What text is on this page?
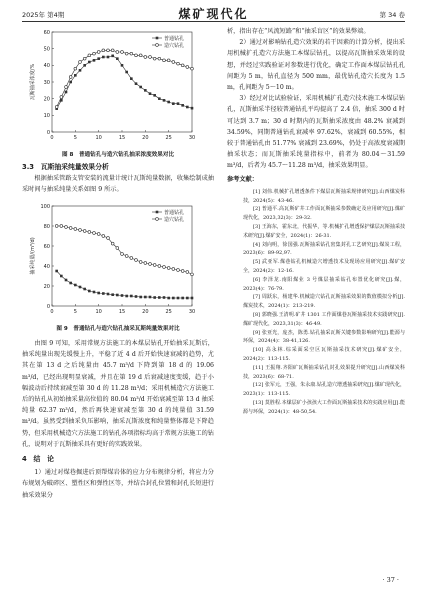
2025年 第4期	煤矿现代化	第 34 卷
0	5	10	15	20	25	30
0
10
20
30
40
50
60
瓦斯抽采浓度/%
普通钻孔
造穴钻孔
图 8　普通钻孔与造穴钻孔抽采浓度效果对比
3.3　瓦斯抽采纯量效果分析

根据抽采管路支管安装的流量计统计瓦斯纯量数据，收集绘制成抽采时间与抽采纯量关系如图 9 所示。

0	5	10	15	20	25	30
0
20
40
60
80
100
抽采纯量/(m³/d)
普通钻孔
造穴钻孔
图 9　普通钻孔与造穴钻孔抽采瓦斯纯量效果对比

由图 9 可知，采用常规方法施工的本煤层钻孔开始抽采瓦斯后，抽采纯量出现先缓慢上升，平稳了近 4 d 后开始快速衰减的趋势，尤其在第 13 d 之后纯量由 45.7 m³/d 下降到第 18 d 的 19.06 m³/d，已经出现明显衰减，并且在第 19 d 后衰减速度变缓，趋于小幅波动后持续衰减至第 30 d 的 11.28 m³/d；采用机械造穴方法施工后的钻孔从初始抽采量高位值的 80.04 m³/d 开始衰减至第 13 d 抽采纯量 62.37 m³/d，然后再快速衰减至第 30 d 的纯量值 31.59 m³/d。虽然受到抽采负压影响，抽采瓦斯浓度和纯量整体都是下降趋势，但采用机械造穴方法施工的钻孔各项指标均高于常规方法施工的钻孔，说明对于瓦斯抽采具有更好的实践效果。

4　结　论

1）通过对煤巷掘进后顶帮煤岩体的应力分布规律分析，将应力分布规划为破碎区、塑性区和弹性区等，并结合封孔位置和封孔长短进行抽采效果分

析，指出存在“风流短路”和“抽采盲区”的效果弊端。

2）通过对影响钻孔造穴效果的若干因素的计算分析，提出采用机械扩孔造穴方法施工本煤层钻孔，以提高瓦斯抽采效果的设想，并经过实践验证对参数进行优化，确定工作面本煤层钻孔孔间距为 5 m，钻孔直径为 500 mm，最优钻孔造穴长度为 1.5 m，孔间距为 5～10 m。

3）经过对比试验验证，采用机械扩孔造穴技术施工本煤层钻孔，瓦斯抽采半径较普通钻孔平均提高了 2.4 倍，抽采 300 d 时可达到 3.7 m；30 d 时期内的瓦斯抽采浓度由 48.2% 衰减到 34.59%，同期普通钻孔衰减率 97.62%，衰减到 60.55%，相较于普通钻孔由 51.77% 衰减到 23.69%，仍处于高浓度衰减期抽采状态；而瓦斯抽采纯量指标中，前者为 80.04～31.59 m³/d，后者为 45.7～11.28 m³/d，抽采效果明显。

参考文献：

[1] 刘伟.机械扩孔增透条件下煤层瓦斯抽采规律研究[J].山西煤炭科技，2024(5)：43-46.

[2] 普通平.高瓦斯矿井工作面瓦斯抽采参数确定及应用研究[J].煤矿现代化，2023,32(3)：29-32.

[3] 王海东，霍东北，代振华，等.机械扩孔增透保护煤层瓦斯抽采技术研究[J].煤矿安全，2024(1)：26-31.

[4] 刘向明，徐国强.瓦斯抽采钻孔密集封孔工艺研究[J].煤炭工程，2023(6)：89-92,97.

[5] 武亚军.煤巷钻孔机械造穴增透技术及现场应用研究[J].煤矿安全，2024(2)：12-16.

[6] 李泽龙.南阳煤业 3 号煤层抽采钻孔布置优化研究[J].煤，2023(4)：76-79.

[7] 周跃东，杨建华.机械造穴钻孔瓦斯抽采效果的数值模拟分析[J].煤炭技术，2024(1)：213-219.

[8] 郭晓强.王清明.矿井 1301 工作面煤巷瓦斯抽采技术实践研究[J].煤矿现代化，2023,31(3)：46-49.

[9] 张亚光，庞杰，陈勇.钻孔抽采瓦斯关键参数影响研究[J].能源与环保，2024(4)：38-41,126.

[10] 高永林.综采面采空区瓦斯抽采技术研究[J].煤矿安全，2024(2)：113-115.

[11] 王振翔.齐阳矿瓦斯抽采钻孔封孔效果提升研究[J].山西煤炭科技，2023(6)：68-71.

[12] 张军元，王强，朱永康.钻孔造穴增透抽采研究[J].煤矿现代化，2023(1)：113-115.

[13] 莫胜程.本煤层矿小孩孩大工作面瓦斯抽采技术的实践应用[J].能源与环保，2024(1)：48-50,54.

· 37 ·
